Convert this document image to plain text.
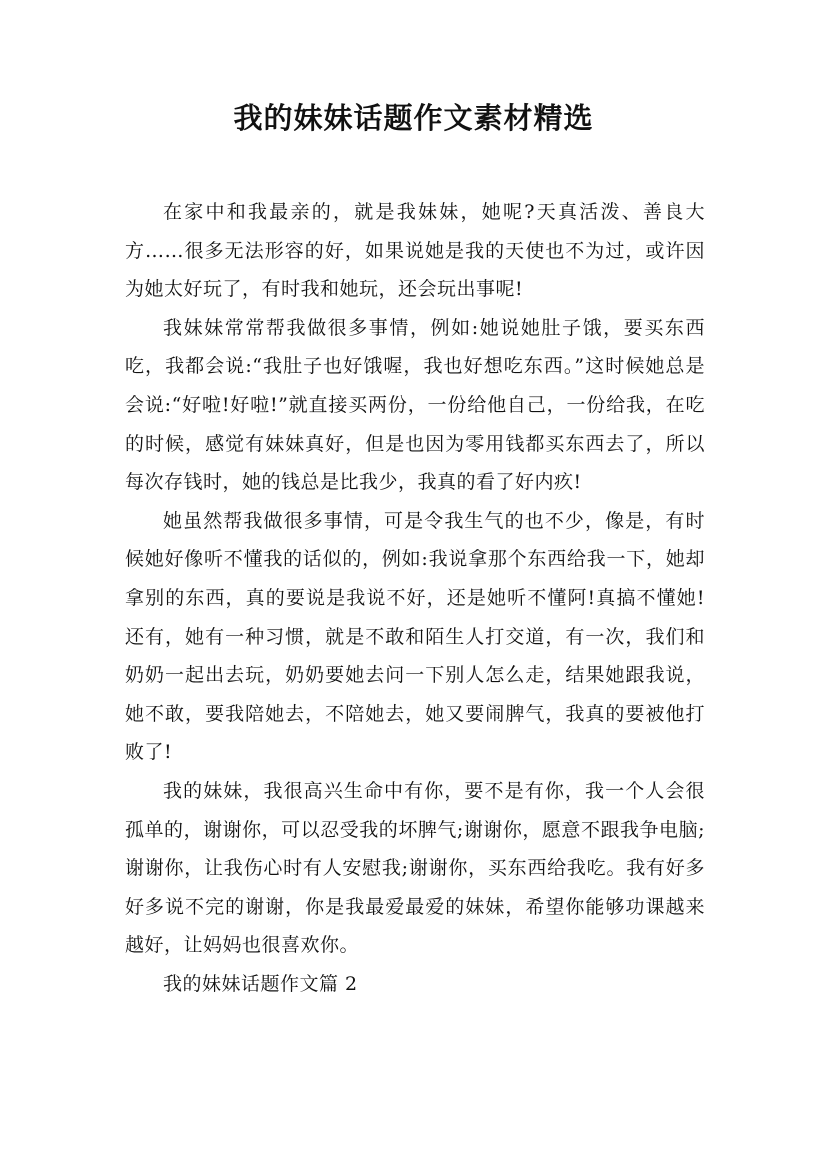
我的妹妹话题作文素材精选

在家中和我最亲的，就是我妹妹，她呢?天真活泼、善良大方……很多无法形容的好，如果说她是我的天使也不为过，或许因为她太好玩了，有时我和她玩，还会玩出事呢!

我妹妹常常帮我做很多事情，例如:她说她肚子饿，要买东西吃，我都会说:“我肚子也好饿喔，我也好想吃东西。”这时候她总是会说:“好啦!好啦!”就直接买两份，一份给他自己，一份给我，在吃的时候，感觉有妹妹真好，但是也因为零用钱都买东西去了，所以每次存钱时，她的钱总是比我少，我真的看了好内疚!

她虽然帮我做很多事情，可是令我生气的也不少，像是，有时候她好像听不懂我的话似的，例如:我说拿那个东西给我一下，她却拿别的东西，真的要说是我说不好，还是她听不懂阿!真搞不懂她!还有，她有一种习惯，就是不敢和陌生人打交道，有一次，我们和奶奶一起出去玩，奶奶要她去问一下别人怎么走，结果她跟我说，她不敢，要我陪她去，不陪她去，她又要闹脾气，我真的要被他打败了!

我的妹妹，我很高兴生命中有你，要不是有你，我一个人会很孤单的，谢谢你，可以忍受我的坏脾气;谢谢你，愿意不跟我争电脑;谢谢你，让我伤心时有人安慰我;谢谢你，买东西给我吃。我有好多好多说不完的谢谢，你是我最爱最爱的妹妹，希望你能够功课越来越好，让妈妈也很喜欢你。

我的妹妹话题作文篇 2
